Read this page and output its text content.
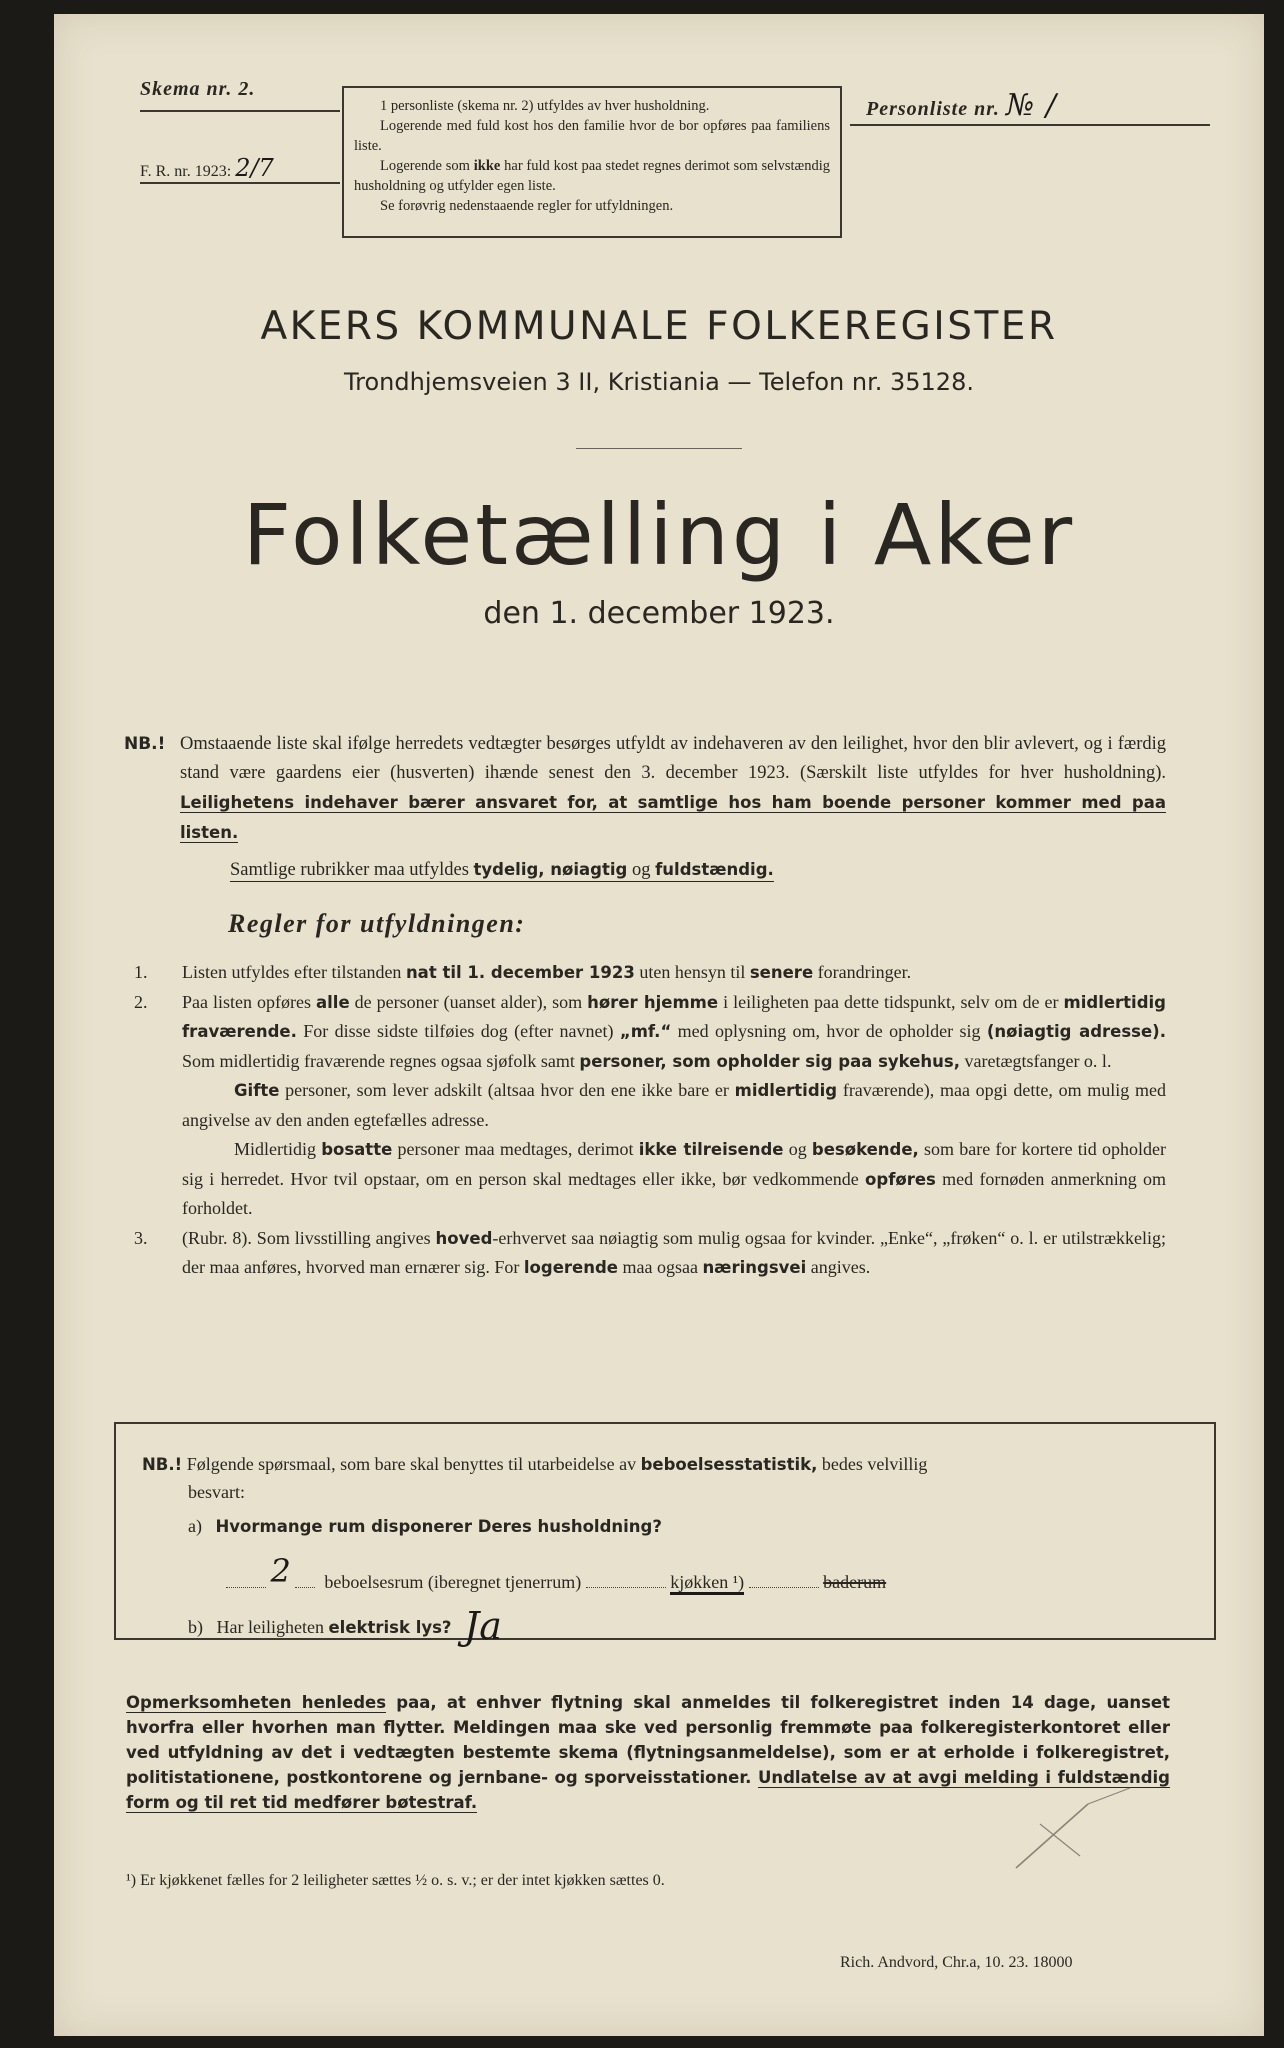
Skema nr. 2.
F. R. nr. 1923: 2/7

1 personliste (skema nr. 2) utfyldes av hver husholdning.

Logerende med fuld kost hos den familie hvor de bor opføres paa familiens liste.

Logerende som ikke har fuld kost paa stedet regnes derimot som selvstændig husholdning og utfylder egen liste.

Se forøvrig nedenstaaende regler for utfyldningen.

Personliste nr. № /
AKERS KOMMUNALE FOLKEREGISTER
Trondhjemsveien 3 II, Kristiania — Telefon nr. 35128.
Folketælling i Aker
den 1. december 1923.
NB.! Omstaaende liste skal ifølge herredets vedtægter besørges utfyldt av indehaveren av den leilighet, hvor den blir avlevert, og i færdig stand være gaardens eier (husverten) ihænde senest den 3. december 1923. (Særskilt liste utfyldes for hver husholdning). Leilighetens indehaver bærer ansvaret for, at samtlige hos ham boende personer kommer med paa listen.
Samtlige rubrikker maa utfyldes tydelig, nøiagtig og fuldstændig.
Regler for utfyldningen:
1. Listen utfyldes efter tilstanden nat til 1. december 1923 uten hensyn til senere forandringer.
2. Paa listen opføres alle de personer (uanset alder), som hører hjemme i leiligheten paa dette tidspunkt, selv om de er midlertidig fraværende. For disse sidste tilføies dog (efter navnet) „mf.“ med oplysning om, hvor de opholder sig (nøiagtig adresse). Som midlertidig fraværende regnes ogsaa sjøfolk samt personer, som opholder sig paa sykehus, varetægtsfanger o. l.
Gifte personer, som lever adskilt (altsaa hvor den ene ikke bare er midlertidig fraværende), maa opgi dette, om mulig med angivelse av den anden egtefælles adresse.
Midlertidig bosatte personer maa medtages, derimot ikke tilreisende og besøkende, som bare for kortere tid opholder sig i herredet. Hvor tvil opstaar, om en person skal medtages eller ikke, bør vedkommende opføres med fornøden anmerkning om forholdet.
3. (Rubr. 8). Som livsstilling angives hoved-erhvervet saa nøiagtig som mulig ogsaa for kvinder. „Enke“, „frøken“ o. l. er utilstrækkelig; der maa anføres, hvorved man ernærer sig. For logerende maa ogsaa næringsvei angives.
NB.! Følgende spørsmaal, som bare skal benyttes til utarbeidelse av beboelsesstatistik, bedes velvillig
besvart:
a) Hvormange rum disponerer Deres husholdning?
2 beboelsesrum (iberegnet tjenerrum)	kjøkken ¹)	baderum
b) Har leiligheten elektrisk lys? Ja
Opmerksomheten henledes paa, at enhver flytning skal anmeldes til folkeregistret inden 14 dage, uanset hvorfra eller hvorhen man flytter. Meldingen maa ske ved personlig fremmøte paa folkeregisterkontoret eller ved utfyldning av det i vedtægten bestemte skema (flytningsanmeldelse), som er at erholde i folkeregistret, politistationene, postkontorene og jernbane- og sporveisstationer. Undlatelse av at avgi melding i fuldstændig form og til ret tid medfører bøtestraf.
¹) Er kjøkkenet fælles for 2 leiligheter sættes ½ o. s. v.; er der intet kjøkken sættes 0.
Rich. Andvord, Chr.a, 10. 23. 18000
